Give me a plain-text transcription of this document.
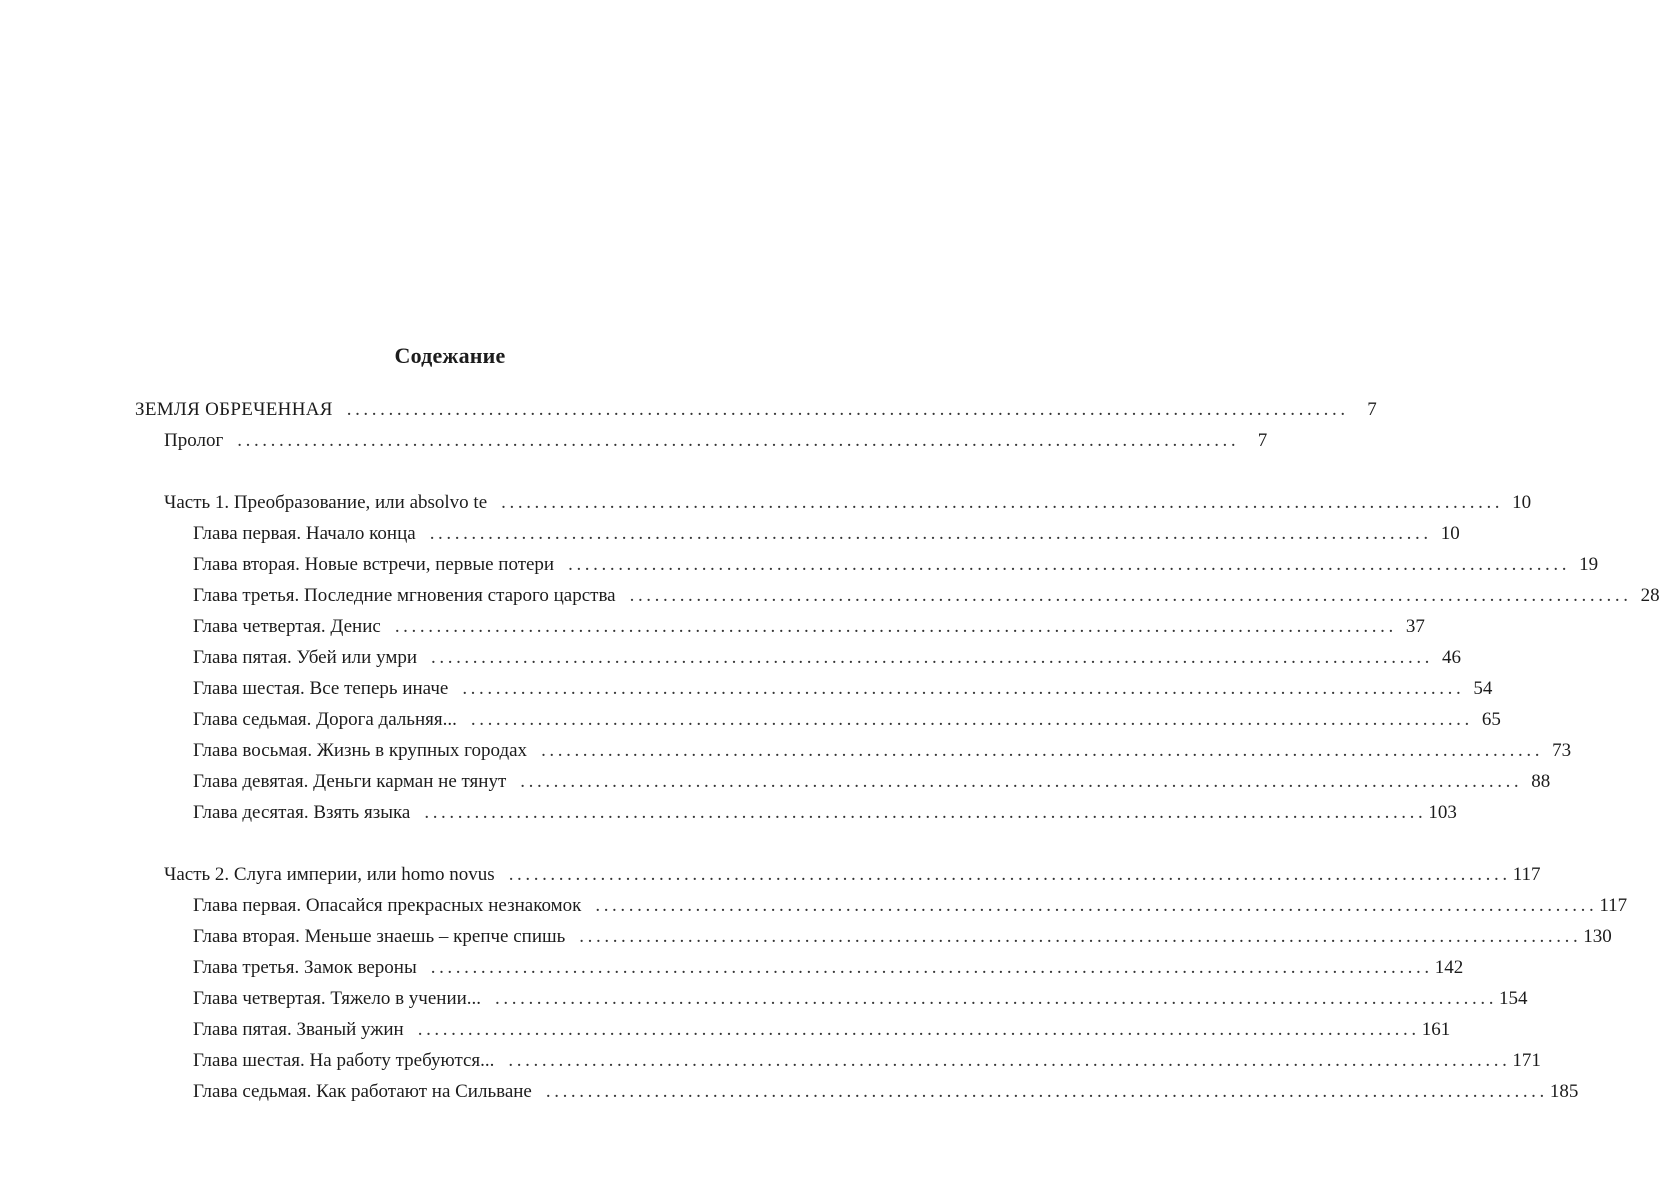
Содежание
ЗЕМЛЯ ОБРЕЧЕННАЯ ........................................................................................................................ 7
Пролог ........................................................................................................................ 7
Часть 1. Преобразование, или absolvo te ........................................................................................................................ 10
Глава первая. Начало конца ........................................................................................................................ 10
Глава вторая. Новые встречи, первые потери ........................................................................................................................ 19
Глава третья. Последние мгновения старого царства ........................................................................................................................ 28
Глава четвертая. Денис ........................................................................................................................ 37
Глава пятая. Убей или умри ........................................................................................................................ 46
Глава шестая. Все теперь иначе ........................................................................................................................ 54
Глава седьмая. Дорога дальняя... ........................................................................................................................ 65
Глава восьмая. Жизнь в крупных городах ........................................................................................................................ 73
Глава девятая. Деньги карман не тянут ........................................................................................................................ 88
Глава десятая. Взять языка ........................................................................................................................ 103
Часть 2. Слуга империи, или homo novus ........................................................................................................................ 117
Глава первая. Опасайся прекрасных незнакомок ........................................................................................................................ 117
Глава вторая. Меньше знаешь – крепче спишь ........................................................................................................................ 130
Глава третья. Замок вероны ........................................................................................................................ 142
Глава четвертая. Тяжело в учении... ........................................................................................................................ 154
Глава пятая. Званый ужин ........................................................................................................................ 161
Глава шестая. На работу требуются... ........................................................................................................................ 171
Глава седьмая. Как работают на Сильване ........................................................................................................................ 185
